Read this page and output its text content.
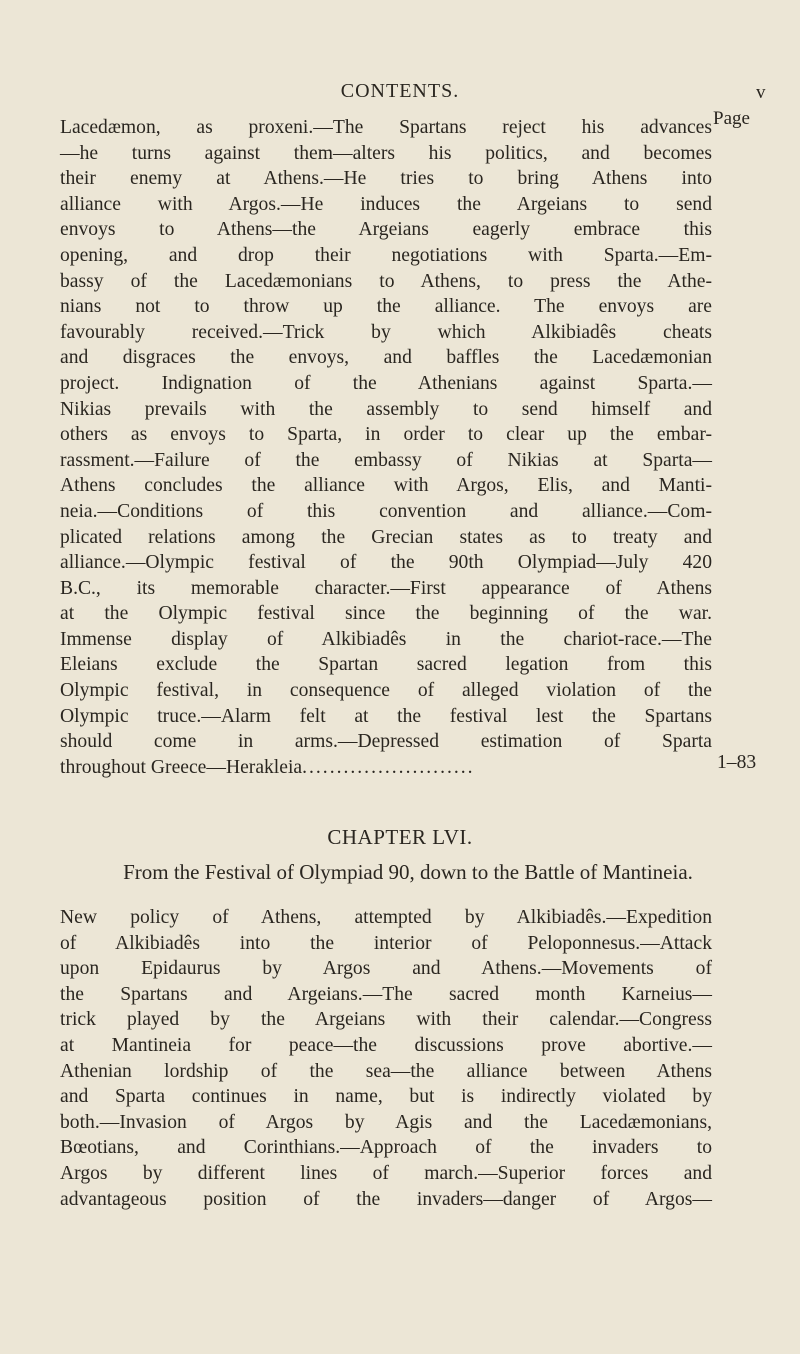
CONTENTS.	v
Page
Lacedæmon, as proxeni.—The Spartans reject his advances
—he turns against them—alters his politics, and becomes
their enemy at Athens.—He tries to bring Athens into
alliance with Argos.—He induces the Argeians to send
envoys to Athens—the Argeians eagerly embrace this
opening, and drop their negotiations with Sparta.—Em-
bassy of the Lacedæmonians to Athens, to press the Athe-
nians not to throw up the alliance. The envoys are
favourably received.—Trick by which Alkibiadês cheats
and disgraces the envoys, and baffles the Lacedæmonian
project. Indignation of the Athenians against Sparta.—
Nikias prevails with the assembly to send himself and
others as envoys to Sparta, in order to clear up the embar-
rassment.—Failure of the embassy of Nikias at Sparta—
Athens concludes the alliance with Argos, Elis, and Manti-
neia.—Conditions of this convention and alliance.—Com-
plicated relations among the Grecian states as to treaty and
alliance.—Olympic festival of the 90th Olympiad—July 420
B.C., its memorable character.—First appearance of Athens
at the Olympic festival since the beginning of the war.
Immense display of Alkibiadês in the chariot-race.—The
Eleians exclude the Spartan sacred legation from this
Olympic festival, in consequence of alleged violation of the
Olympic truce.—Alarm felt at the festival lest the Spartans
should come in arms.—Depressed estimation of Sparta
throughout Greece—Herakleia .........................	1–83
CHAPTER LVI.
From the Festival of Olympiad 90, down to the Battle of Mantineia.
New policy of Athens, attempted by Alkibiadês.—Expedition
of Alkibiadês into the interior of Peloponnesus.—Attack
upon Epidaurus by Argos and Athens.—Movements of
the Spartans and Argeians.—The sacred month Karneius—
trick played by the Argeians with their calendar.—Congress
at Mantineia for peace—the discussions prove abortive.—
Athenian lordship of the sea—the alliance between Athens
and Sparta continues in name, but is indirectly violated by
both.—Invasion of Argos by Agis and the Lacedæmonians,
Bœotians, and Corinthians.—Approach of the invaders to
Argos by different lines of march.—Superior forces and
advantageous position of the invaders—danger of Argos—
